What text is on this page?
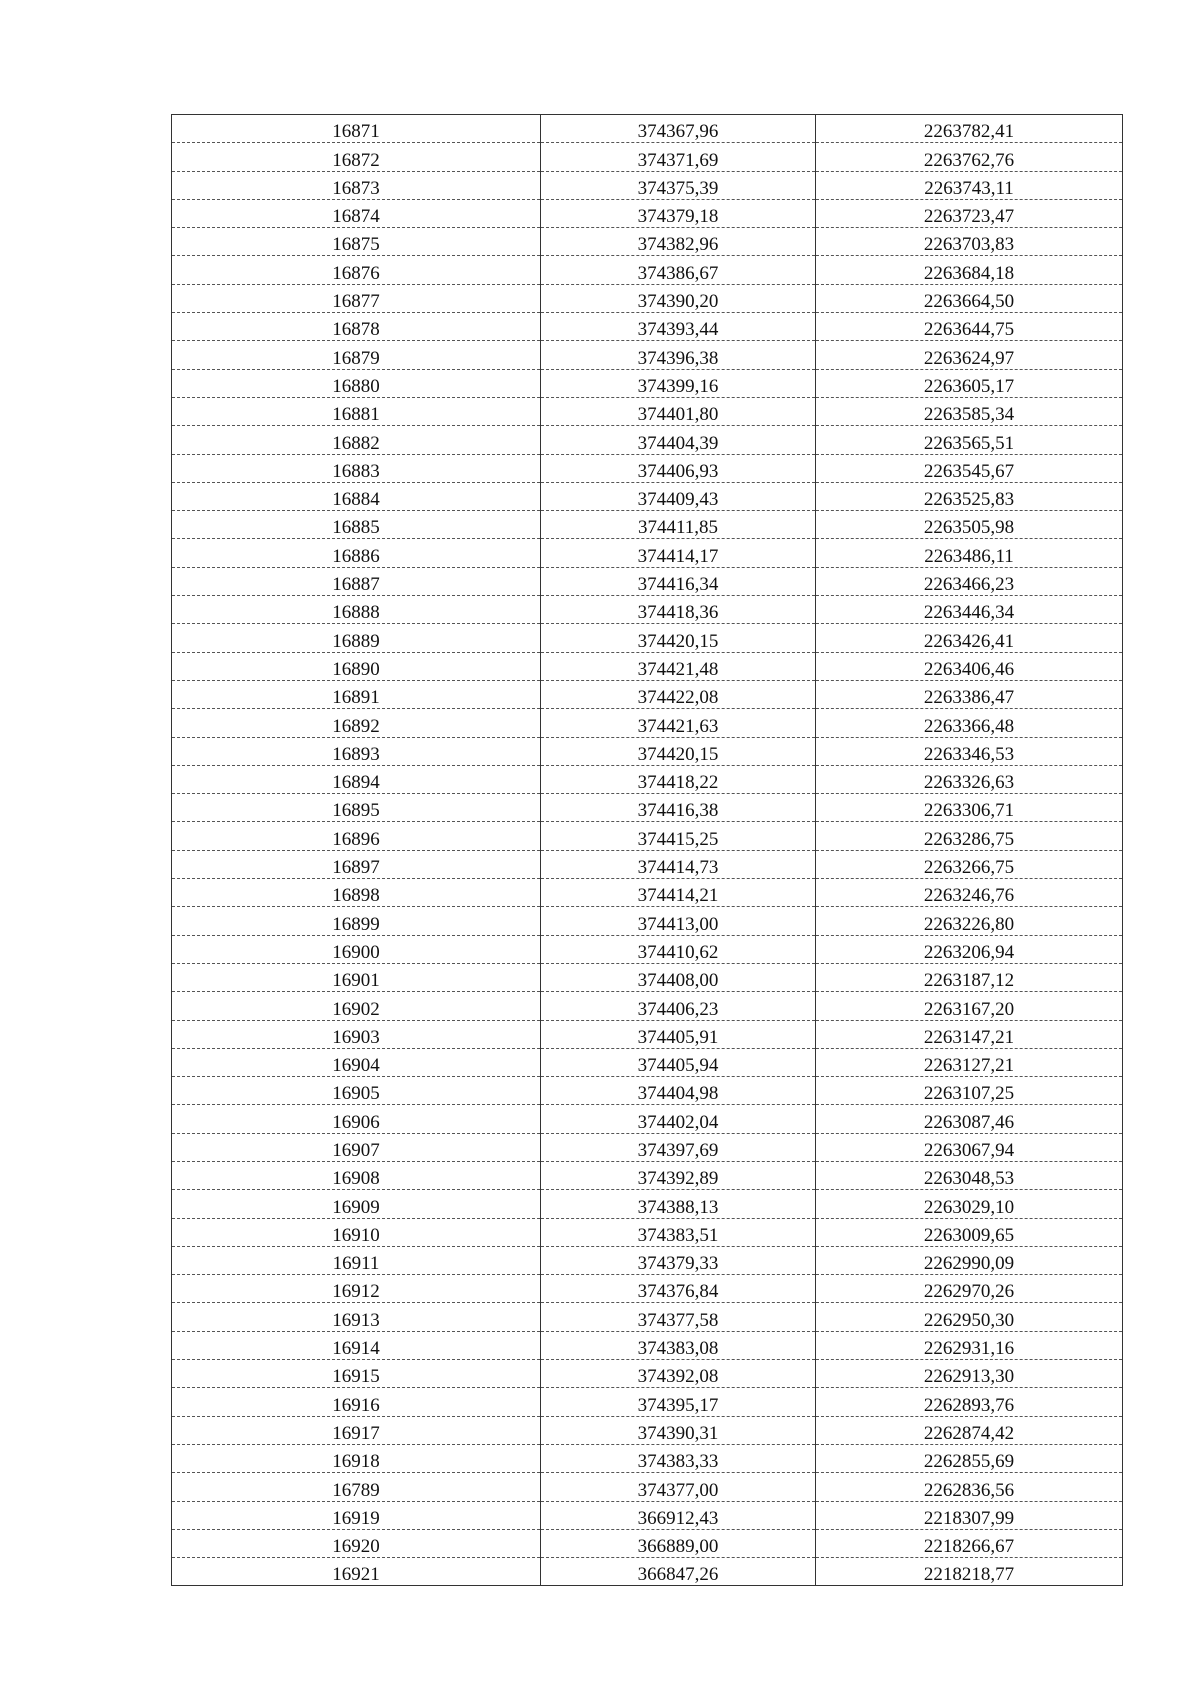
16871	374367,96	2263782,41
16872	374371,69	2263762,76
16873	374375,39	2263743,11
16874	374379,18	2263723,47
16875	374382,96	2263703,83
16876	374386,67	2263684,18
16877	374390,20	2263664,50
16878	374393,44	2263644,75
16879	374396,38	2263624,97
16880	374399,16	2263605,17
16881	374401,80	2263585,34
16882	374404,39	2263565,51
16883	374406,93	2263545,67
16884	374409,43	2263525,83
16885	374411,85	2263505,98
16886	374414,17	2263486,11
16887	374416,34	2263466,23
16888	374418,36	2263446,34
16889	374420,15	2263426,41
16890	374421,48	2263406,46
16891	374422,08	2263386,47
16892	374421,63	2263366,48
16893	374420,15	2263346,53
16894	374418,22	2263326,63
16895	374416,38	2263306,71
16896	374415,25	2263286,75
16897	374414,73	2263266,75
16898	374414,21	2263246,76
16899	374413,00	2263226,80
16900	374410,62	2263206,94
16901	374408,00	2263187,12
16902	374406,23	2263167,20
16903	374405,91	2263147,21
16904	374405,94	2263127,21
16905	374404,98	2263107,25
16906	374402,04	2263087,46
16907	374397,69	2263067,94
16908	374392,89	2263048,53
16909	374388,13	2263029,10
16910	374383,51	2263009,65
16911	374379,33	2262990,09
16912	374376,84	2262970,26
16913	374377,58	2262950,30
16914	374383,08	2262931,16
16915	374392,08	2262913,30
16916	374395,17	2262893,76
16917	374390,31	2262874,42
16918	374383,33	2262855,69
16789	374377,00	2262836,56
16919	366912,43	2218307,99
16920	366889,00	2218266,67
16921	366847,26	2218218,77
